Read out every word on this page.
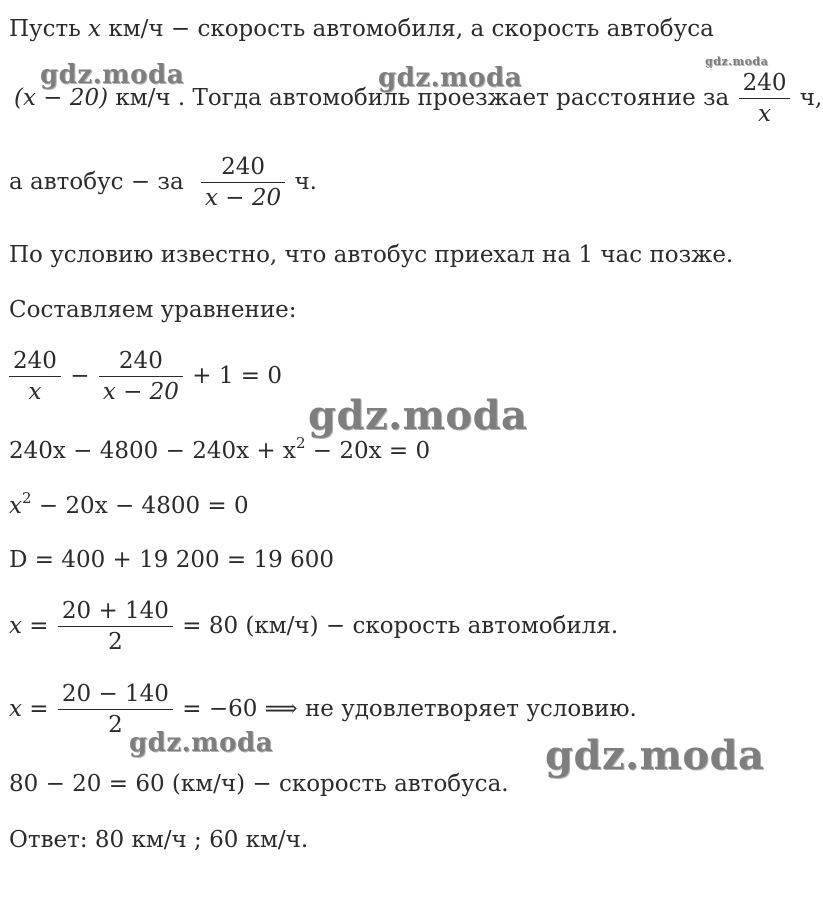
Пусть x км/ч − скорость автомобиля, а скорость автобуса
(x − 20) км/ч . Тогда автомобиль проезжает расстояние за $\frac{240}{x} ч$,
а автобус − за $\frac{240}{x - 20} ч$.
По условию известно, что автобус приехал на 1 час позже.
Составляем уравнение:
$\frac{240}{x} - \frac{240}{x - 20} + 1 = 0$
$240x - 4800 - 240x + x^2 - 20x = 0$
$x^2 - 20x - 4800 = 0$
D = 400 + 19 200 = 19 600
$x = \frac{20 + 140}{2} = 80$ (км/ч) − скорость автомобиля.
$x = \frac{20 - 140}{2} = -60$ ⟹ не удовлетворяет условию.
80 − 20 = 60 (км/ч) − скорость автобуса.
Ответ: 80 км/ч ; 60 км/ч.
gdz.moda	gdz.moda
gdz.moda
gdz.moda
gdz.moda	gdz.moda
